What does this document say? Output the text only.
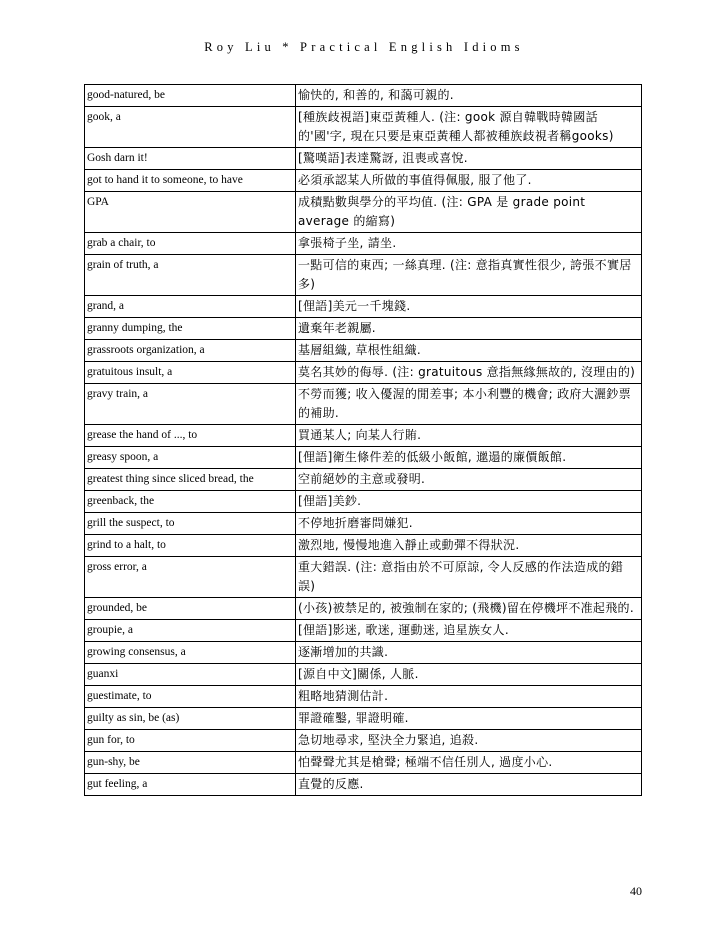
Roy Liu * Practical English Idioms
good-natured, be	愉快的, 和善的, 和藹可親的.
gook, a	[種族歧視語]東亞黃種人. (注: gook 源自韓戰時韓國話的'國'字, 現在只要是東亞黃種人都被種族歧視者稱gooks)
Gosh darn it!	[驚嘆語]表達驚訝, 沮喪或喜悅.
got to hand it to someone, to have	必須承認某人所做的事值得佩服, 服了他了.
GPA	成積點數與學分的平均值. (注: GPA 是 grade point average 的縮寫)
grab a chair, to	拿張椅子坐, 請坐.
grain of truth, a	一點可信的東西; 一絲真理. (注: 意指真實性很少, 誇張不實居多)
grand, a	[俚語]美元一千塊錢.
granny dumping, the	遺棄年老親屬.
grassroots organization, a	基層組織, 草根性組織.
gratuitous insult, a	莫名其妙的侮辱. (注: gratuitous 意指無緣無故的, 沒理由的)
gravy train, a	不勞而獲; 收入優渥的閒差事; 本小利豐的機會; 政府大灑鈔票的補助.
grease the hand of ..., to	買通某人; 向某人行賄.
greasy spoon, a	[俚語]衛生條件差的低級小飯館, 邋遢的廉價飯館.
greatest thing since sliced bread, the	空前絕妙的主意或發明.
greenback, the	[俚語]美鈔.
grill the suspect, to	不停地折磨審問嫌犯.
grind to a halt, to	激烈地, 慢慢地進入靜止或動彈不得狀況.
gross error, a	重大錯誤. (注: 意指由於不可原諒, 令人反感的作法造成的錯誤)
grounded, be	(小孩)被禁足的, 被強制在家的; (飛機)留在停機坪不准起飛的.
groupie, a	[俚語]影迷, 歌迷, 運動迷, 追星族女人.
growing consensus, a	逐漸增加的共識.
guanxi	[源自中文]關係, 人脈.
guestimate, to	粗略地猜測估計.
guilty as sin, be (as)	罪證確鑿, 罪證明確.
gun for, to	急切地尋求, 堅決全力緊追, 追殺.
gun-shy, be	怕聲聲尤其是槍聲; 極端不信任別人, 過度小心.
gut feeling, a	直覺的反應.
40
